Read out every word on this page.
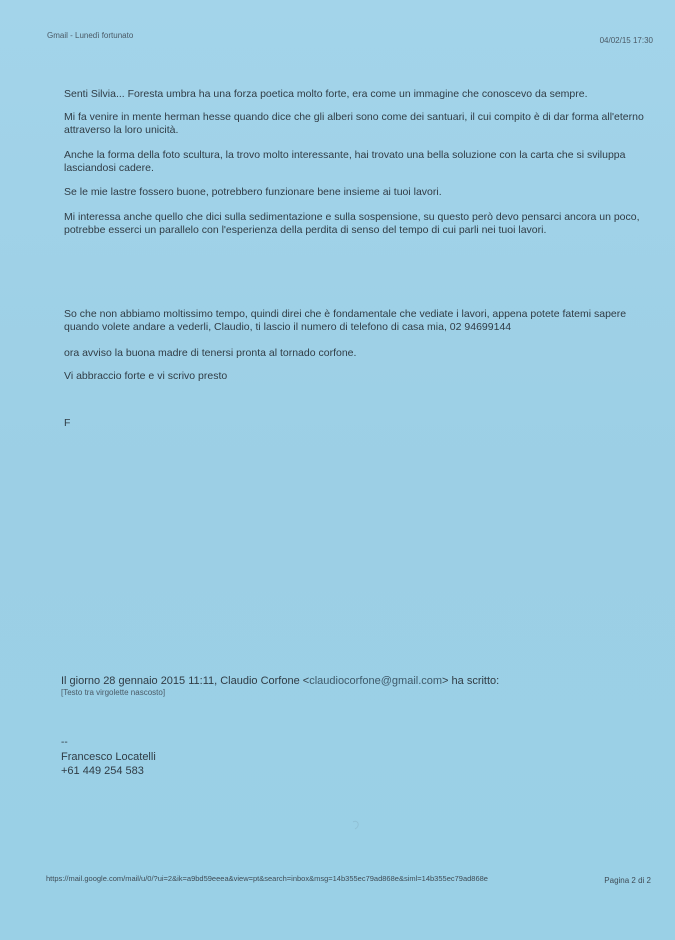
Gmail - Lunedì fortunato
04/02/15 17:30
Senti Silvia... Foresta umbra ha una forza poetica molto forte, era come un immagine che conoscevo da sempre.
Mi fa venire in mente herman hesse quando dice che gli alberi sono come dei santuari, il cui compito è di dar forma all'eterno attraverso la loro unicità.
Anche la forma della foto scultura, la trovo molto interessante, hai trovato una bella soluzione con la carta che si sviluppa lasciandosi cadere.
Se le mie lastre fossero buone, potrebbero funzionare bene insieme ai tuoi lavori.
Mi interessa anche quello che dici sulla sedimentazione e sulla sospensione, su questo però devo pensarci ancora un poco, potrebbe esserci un parallelo con l'esperienza della perdita di senso del tempo di cui parli nei tuoi lavori.
So che non abbiamo moltissimo tempo, quindi direi che è fondamentale che vediate i lavori, appena potete fatemi sapere quando volete andare a vederli, Claudio, ti lascio il numero di telefono di casa mia, 02 94699144
ora avviso la buona madre di tenersi pronta al tornado corfone.
Vi abbraccio forte e vi scrivo presto
F
Il giorno 28 gennaio 2015 11:11, Claudio Corfone <claudiocorfone@gmail.com> ha scritto:
[Testo tra virgolette nascosto]
--
Francesco Locatelli
+61 449 254 583
https://mail.google.com/mail/u/0/?ui=2&ik=a9bd59eeea&view=pt&search=inbox&msg=14b355ec79ad868e&siml=14b355ec79ad868e	Pagina 2 di 2
